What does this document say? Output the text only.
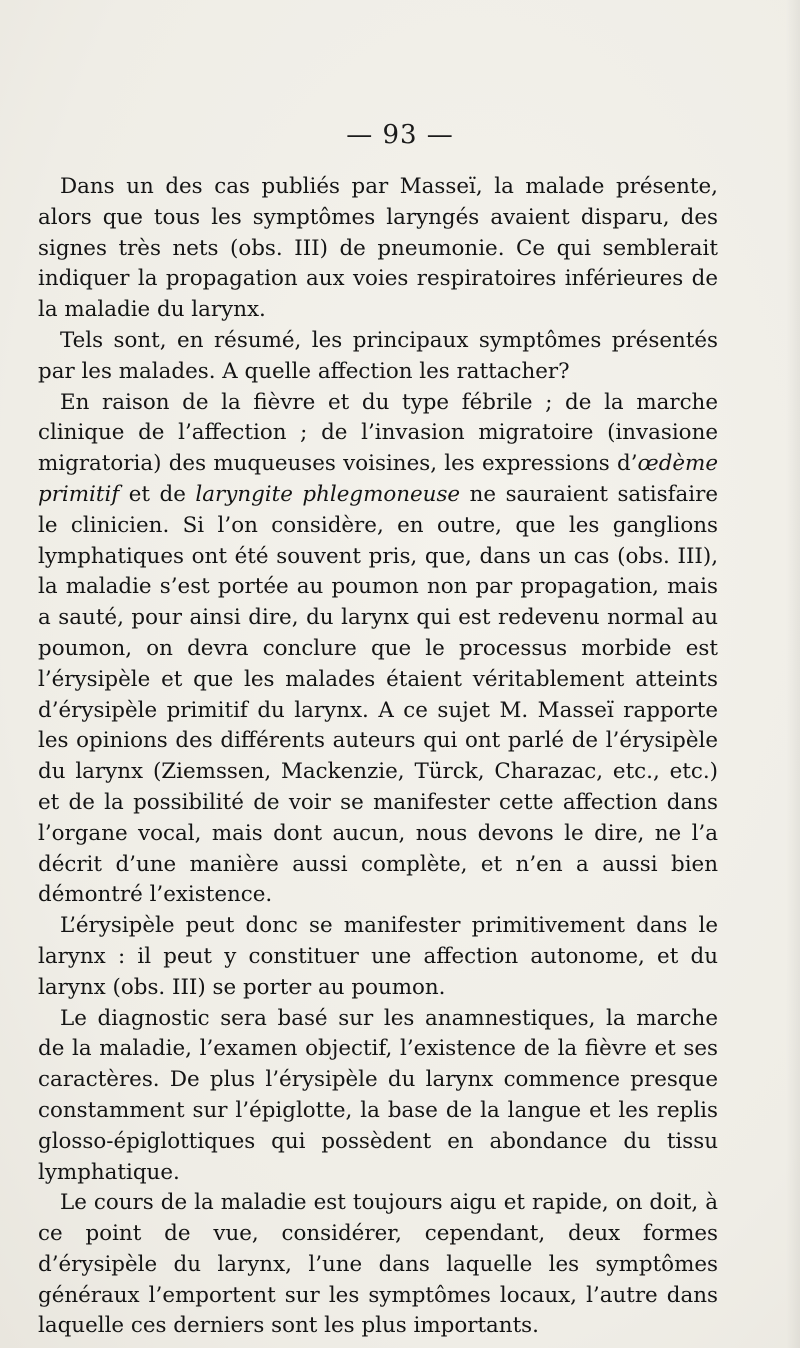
— 93 —

Dans un des cas publiés par Masseï, la malade présente, alors que tous les symptômes laryngés avaient disparu, des signes très nets (obs. III) de pneumonie. Ce qui semblerait indiquer la propagation aux voies respiratoires inférieures de la maladie du larynx.

Tels sont, en résumé, les principaux symptômes présentés par les malades. A quelle affection les rattacher?

En raison de la fièvre et du type fébrile ; de la marche clinique de l’affection ; de l’invasion migratoire (invasione migratoria) des muqueuses voisines, les expressions d’œdème primitif et de laryngite phlegmoneuse ne sauraient satisfaire le clinicien. Si l’on considère, en outre, que les ganglions lymphatiques ont été souvent pris, que, dans un cas (obs. III), la maladie s’est portée au poumon non par propagation, mais a sauté, pour ainsi dire, du larynx qui est redevenu normal au poumon, on devra conclure que le processus morbide est l’érysipèle et que les malades étaient véritablement atteints d’érysipèle primitif du larynx. A ce sujet M. Masseï rapporte les opinions des différents auteurs qui ont parlé de l’érysipèle du larynx (Ziemssen, Mackenzie, Türck, Charazac, etc., etc.) et de la possibilité de voir se manifester cette affection dans l’organe vocal, mais dont aucun, nous devons le dire, ne l’a décrit d’une manière aussi complète, et n’en a aussi bien démontré l’existence.

L’érysipèle peut donc se manifester primitivement dans le larynx : il peut y constituer une affection autonome, et du larynx (obs. III) se porter au poumon.

Le diagnostic sera basé sur les anamnestiques, la marche de la maladie, l’examen objectif, l’existence de la fièvre et ses caractères. De plus l’érysipèle du larynx commence presque constamment sur l’épiglotte, la base de la langue et les replis glosso-épiglottiques qui possèdent en abondance du tissu lymphatique.

Le cours de la maladie est toujours aigu et rapide, on doit, à ce point de vue, considérer, cependant, deux formes d’érysipèle du larynx, l’une dans laquelle les symptômes généraux l’emportent sur les symptômes locaux, l’autre dans laquelle ces derniers sont les plus importants.
